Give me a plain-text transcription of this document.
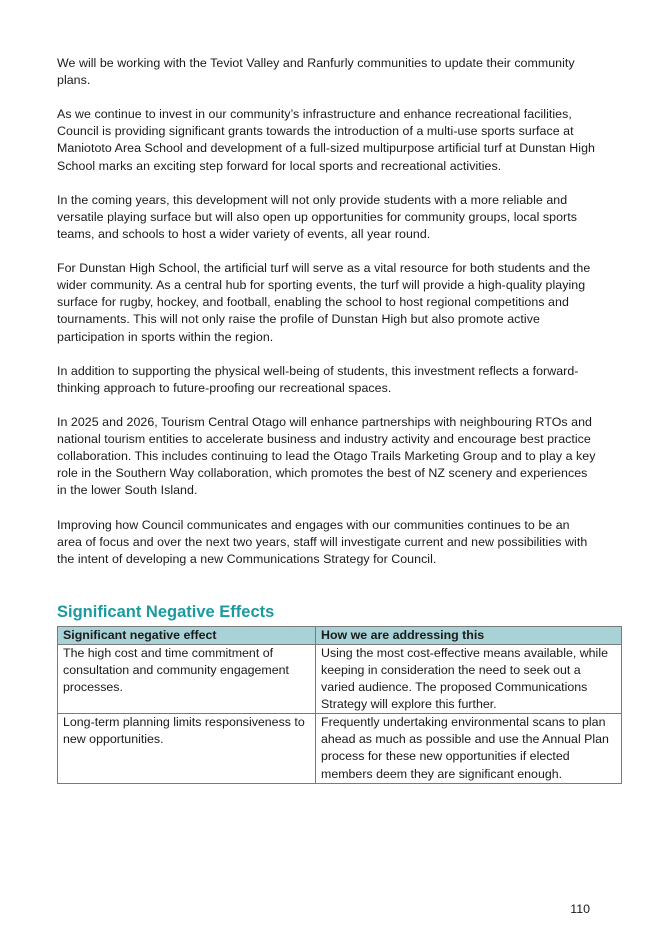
We will be working with the Teviot Valley and Ranfurly communities to update their community plans.

As we continue to invest in our community’s infrastructure and enhance recreational facilities, Council is providing significant grants towards the introduction of a multi-use sports surface at Maniototo Area School and development of a full-sized multipurpose artificial turf at Dunstan High School marks an exciting step forward for local sports and recreational activities.

In the coming years, this development will not only provide students with a more reliable and versatile playing surface but will also open up opportunities for community groups, local sports teams, and schools to host a wider variety of events, all year round.

For Dunstan High School, the artificial turf will serve as a vital resource for both students and the wider community. As a central hub for sporting events, the turf will provide a high-quality playing surface for rugby, hockey, and football, enabling the school to host regional competitions and tournaments. This will not only raise the profile of Dunstan High but also promote active participation in sports within the region.

In addition to supporting the physical well-being of students, this investment reflects a forward-thinking approach to future-proofing our recreational spaces.

In 2025 and 2026, Tourism Central Otago will enhance partnerships with neighbouring RTOs and national tourism entities to accelerate business and industry activity and encourage best practice collaboration. This includes continuing to lead the Otago Trails Marketing Group and to play a key role in the Southern Way collaboration, which promotes the best of NZ scenery and experiences in the lower South Island.

Improving how Council communicates and engages with our communities continues to be an area of focus and over the next two years, staff will investigate current and new possibilities with the intent of developing a new Communications Strategy for Council.

Significant Negative Effects
Significant negative effect	How we are addressing this
The high cost and time commitment of consultation and community engagement processes.	Using the most cost-effective means available, while keeping in consideration the need to seek out a varied audience. The proposed Communications Strategy will explore this further.
Long-term planning limits responsiveness to new opportunities.	Frequently undertaking environmental scans to plan ahead as much as possible and use the Annual Plan process for these new opportunities if elected members deem they are significant enough.
110
